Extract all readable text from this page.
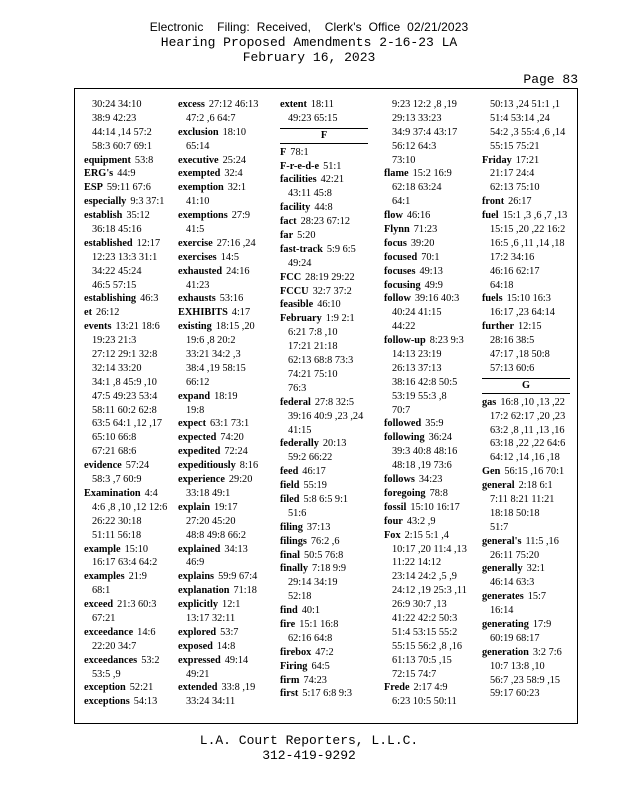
Electronic    Filing:  Received,    Clerk's  Office  02/21/2023
Hearing Proposed Amendments 2-16-23 LA
February 16, 2023
Page 83
30:24 34:10
38:9 42:23
44:14 ,14 57:2
58:3 60:7 69:1
equipment 53:8
ERG's 44:9
ESP 59:11 67:6
especially 9:3 37:1
establish 35:12
36:18 45:16
established 12:17
12:23 13:3 31:1
34:22 45:24
46:5 57:15
establishing 46:3
et 26:12
events 13:21 18:6
19:23 21:3
27:12 29:1 32:8
32:14 33:20
34:1 ,8 45:9 ,10
47:5 49:23 53:4
58:11 60:2 62:8
63:5 64:1 ,12 ,17
65:10 66:8
67:21 68:6
evidence 57:24
58:3 ,7 60:9
Examination 4:4
4:6 ,8 ,10 ,12 12:6
26:22 30:18
51:11 56:18
example 15:10
16:17 63:4 64:2
examples 21:9
68:1
exceed 21:3 60:3
67:21
exceedance 14:6
22:20 34:7
exceedances 53:2
53:5 ,9
exception 52:21
exceptions 54:13
excess 27:12 46:13
47:2 ,6 64:7
exclusion 18:10
65:14
executive 25:24
exempted 32:4
exemption 32:1
41:10
exemptions 27:9
41:5
exercise 27:16 ,24
exercises 14:5
exhausted 24:16
41:23
exhausts 53:16
EXHIBITS 4:17
existing 18:15 ,20
19:6 ,8 20:2
33:21 34:2 ,3
38:4 ,19 58:15
66:12
expand 18:19
19:8
expect 63:1 73:1
expected 74:20
expedited 72:24
expeditiously 8:16
experience 29:20
33:18 49:1
explain 19:17
27:20 45:20
48:8 49:8 66:2
explained 34:13
46:9
explains 59:9 67:4
explanation 71:18
explicitly 12:1
13:17 32:11
explored 53:7
exposed 14:8
expressed 49:14
49:21
extended 33:8 ,19
33:24 34:11
extent 18:11
49:23 65:15
F
F 78:1
F-r-e-d-e 51:1
facilities 42:21
43:11 45:8
facility 44:8
fact 28:23 67:12
far 5:20
fast-track 5:9 6:5
49:24
FCC 28:19 29:22
FCCU 32:7 37:2
feasible 46:10
February 1:9 2:1
6:21 7:8 ,10
17:21 21:18
62:13 68:8 73:3
74:21 75:10
76:3
federal 27:8 32:5
39:16 40:9 ,23 ,24
41:15
federally 20:13
59:2 66:22
feed 46:17
field 55:19
filed 5:8 6:5 9:1
51:6
filing 37:13
filings 76:2 ,6
final 50:5 76:8
finally 7:18 9:9
29:14 34:19
52:18
find 40:1
fire 15:1 16:8
62:16 64:8
firebox 47:2
Firing 64:5
firm 74:23
first 5:17 6:8 9:3
9:23 12:2 ,8 ,19
29:13 33:23
34:9 37:4 43:17
56:12 64:3
73:10
flame 15:2 16:9
62:18 63:24
64:1
flow 46:16
Flynn 71:23
focus 39:20
focused 70:1
focuses 49:13
focusing 49:9
follow 39:16 40:3
40:24 41:15
44:22
follow-up 8:23 9:3
14:13 23:19
26:13 37:13
38:16 42:8 50:5
53:19 55:3 ,8
70:7
followed 35:9
following 36:24
39:3 40:8 48:16
48:18 ,19 73:6
follows 34:23
foregoing 78:8
fossil 15:10 16:17
four 43:2 ,9
Fox 2:15 5:1 ,4
10:17 ,20 11:4 ,13
11:22 14:12
23:14 24:2 ,5 ,9
24:12 ,19 25:3 ,11
26:9 30:7 ,13
41:22 42:2 50:3
51:4 53:15 55:2
55:15 56:2 ,8 ,16
61:13 70:5 ,15
72:15 74:7
Frede 2:17 4:9
6:23 10:5 50:11
50:13 ,24 51:1 ,1
51:4 53:14 ,24
54:2 ,3 55:4 ,6 ,14
55:15 75:21
Friday 17:21
21:17 24:4
62:13 75:10
front 26:17
fuel 15:1 ,3 ,6 ,7 ,13
15:15 ,20 ,22 16:2
16:5 ,6 ,11 ,14 ,18
17:2 34:16
46:16 62:17
64:18
fuels 15:10 16:3
16:17 ,23 64:14
further 12:15
28:16 38:5
47:17 ,18 50:8
57:13 60:6
G
gas 16:8 ,10 ,13 ,22
17:2 62:17 ,20 ,23
63:2 ,8 ,11 ,13 ,16
63:18 ,22 ,22 64:6
64:12 ,14 ,16 ,18
Gen 56:15 ,16 70:1
general 2:18 6:1
7:11 8:21 11:21
18:18 50:18
51:7
general's 11:5 ,16
26:11 75:20
generally 32:1
46:14 63:3
generates 15:7
16:14
generating 17:9
60:19 68:17
generation 3:2 7:6
10:7 13:8 ,10
56:7 ,23 58:9 ,15
59:17 60:23
L.A. Court Reporters, L.L.C.
312-419-9292
